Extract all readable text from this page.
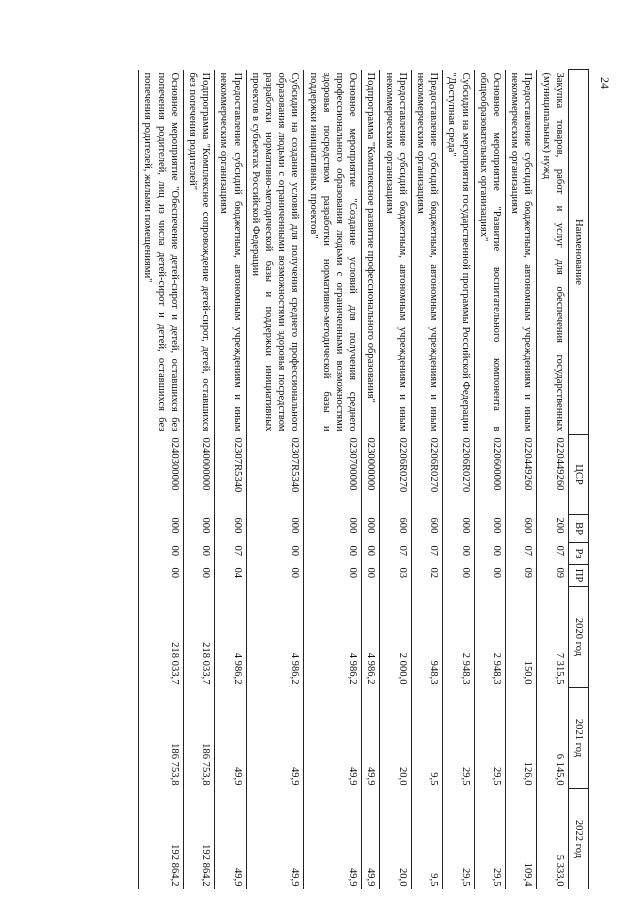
24
Наименование	ЦСР	ВР	Рз	ПР	2020 год	2021 год	2022 год
Закупка товаров, работ и услуг для обеспечения государственных (муниципальных) нужд	0220449260	200	07	09	7 315,5	6 145,0	5 333,0
Предоставление субсидий бюджетным, автономным учреждениям и иным некоммерческим организациям	0220449260	600	07	09	150,0	126,0	109,4
Основное мероприятие "Развитие воспитательного компонента в общеобразовательных организациях"	0220600000	000	00	00	2 948,3	29,5	29,5
Субсидии на мероприятия государственной программы Российской Федерации "Доступная среда"	02206R0270	000	00	00	2 948,3	29,5	29,5
Предоставление субсидий бюджетным, автономным учреждениям и иным некоммерческим организациям	02206R0270	600	07	02	948,3	9,5	9,5
Предоставление субсидий бюджетным, автономным учреждениям и иным некоммерческим организациям	02206R0270	600	07	03	2 000,0	20,0	20,0
Подпрограмма "Комплексное развитие профессионального образования"	0230000000	000	00	00	4 986,2	49,9	49,9
Основное мероприятие "Создание условий для получения среднего профессионального образования людьми с ограниченными возможностями здоровья посредством разработки нормативно-методической базы и поддержки инициативных проектов"	0230700000	000	00	00	4 986,2	49,9	49,9
Субсидии на создание условий для получения среднего профессионального образования людьми с ограниченными возможностями здоровья посредством разработки нормативно-методической базы и поддержки инициативных проектов в субъектах Российской Федерации	02307R5340	000	00	00	4 986,2	49,9	49,9
Предоставление субсидий бюджетным, автономным учреждениям и иным некоммерческим организациям	02307R5340	600	07	04	4 986,2	49,9	49,9
Подпрограмма "Комплексное сопровождение детей-сирот, детей, оставшихся без попечения родителей"	0240000000	000	00	00	218 033,7	186 753,8	192 864,2
Основное мероприятие "Обеспечение детей-сирот и детей, оставшихся без попечения родителей, лиц из числа детей-сирот и детей, оставшихся без попечения родителей, жилыми помещениями"	0240300000	000	00	00	218 033,7	186 753,8	192 864,2
